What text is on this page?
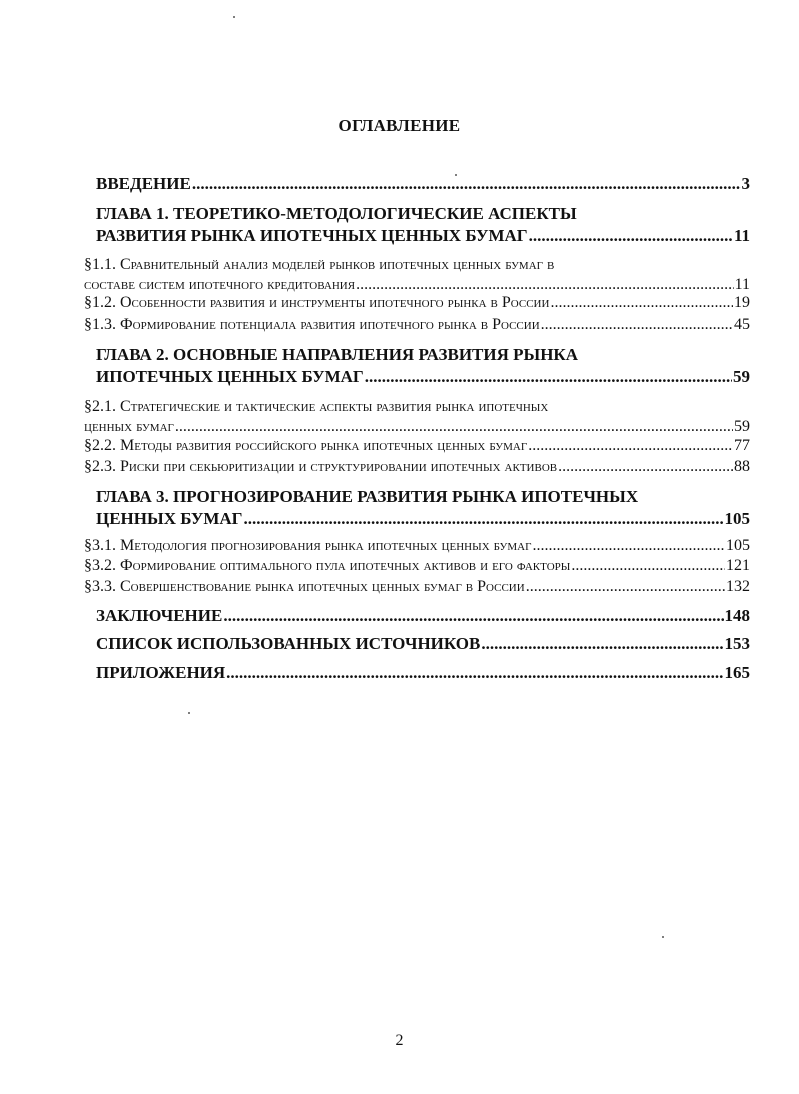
ОГЛАВЛЕНИЕ
ВВЕДЕНИЕ .....	3
ГЛАВА 1. ТЕОРЕТИКО-МЕТОДОЛОГИЧЕСКИЕ АСПЕКТЫ
РАЗВИТИЯ РЫНКА ИПОТЕЧНЫХ ЦЕННЫХ БУМАГ .....	11
§1.1. Сравнительный анализ моделей рынков ипотечных ценных бумаг в
составе систем ипотечного кредитования .....	11
§1.2. Особенности развития и инструменты ипотечного рынка в России .....	19
§1.3. Формирование потенциала развития ипотечного рынка в России .....	45
ГЛАВА 2. ОСНОВНЫЕ НАПРАВЛЕНИЯ РАЗВИТИЯ РЫНКА
ИПОТЕЧНЫХ ЦЕННЫХ БУМАГ .....	59
§2.1. Стратегические и тактические аспекты развития рынка ипотечных
ценных бумаг .....	59
§2.2. Методы развития российского рынка ипотечных ценных бумаг .....	77
§2.3. Риски при секьюритизации и структурировании ипотечных активов .....	88
ГЛАВА 3. ПРОГНОЗИРОВАНИЕ РАЗВИТИЯ РЫНКА ИПОТЕЧНЫХ
ЦЕННЫХ БУМАГ .....	105
§3.1. Методология прогнозирования рынка ипотечных ценных бумаг .....	105
§3.2. Формирование оптимального пула ипотечных активов и его факторы .....	121
§3.3. Совершенствование рынка ипотечных ценных бумаг в России .....	132
ЗАКЛЮЧЕНИЕ .....	148
СПИСОК ИСПОЛЬЗОВАННЫХ ИСТОЧНИКОВ .....	153
ПРИЛОЖЕНИЯ .....	165
2
